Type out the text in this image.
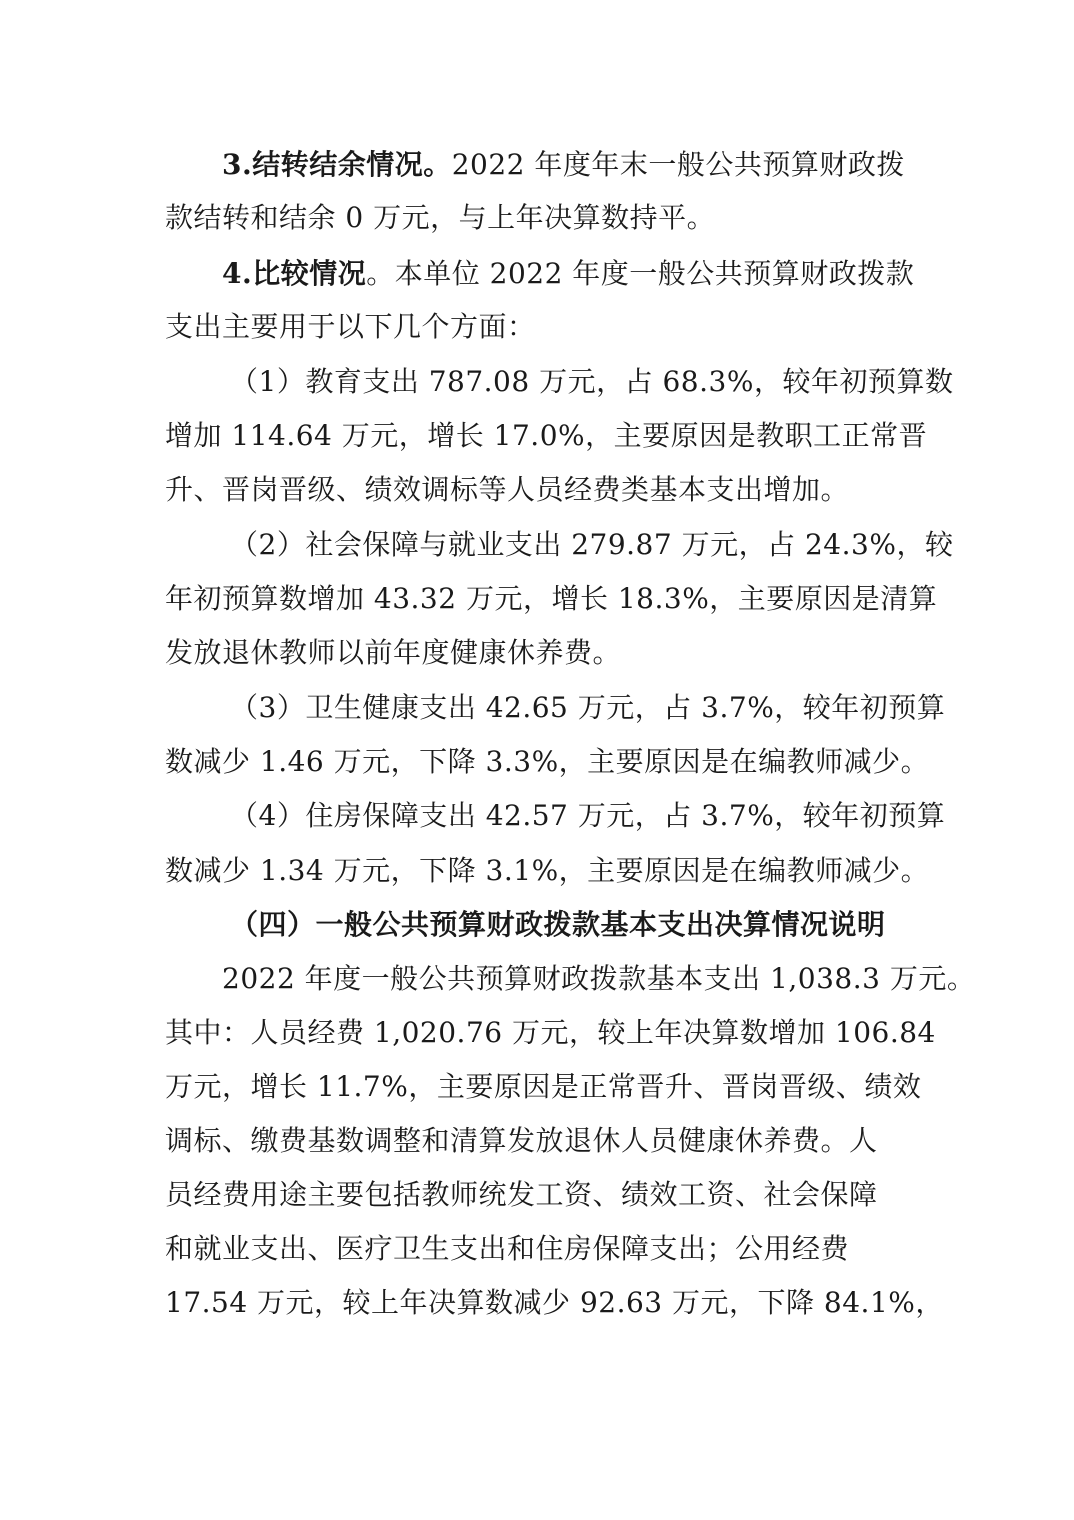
3.结转结余情况。2022 年度年末一般公共预算财政拨
款结转和结余 0 万元，与上年决算数持平。
4.比较情况。本单位 2022 年度一般公共预算财政拨款
支出主要用于以下几个方面：
（1）教育支出 787.08 万元，占 68.3%，较年初预算数
增加 114.64 万元，增长 17.0%，主要原因是教职工正常晋
升、晋岗晋级、绩效调标等人员经费类基本支出增加。
（2）社会保障与就业支出 279.87 万元，占 24.3%，较
年初预算数增加 43.32 万元，增长 18.3%，主要原因是清算
发放退休教师以前年度健康休养费。
（3）卫生健康支出 42.65 万元，占 3.7%，较年初预算
数减少 1.46 万元，下降 3.3%，主要原因是在编教师减少。
（4）住房保障支出 42.57 万元，占 3.7%，较年初预算
数减少 1.34 万元，下降 3.1%，主要原因是在编教师减少。
（四）一般公共预算财政拨款基本支出决算情况说明
2022 年度一般公共预算财政拨款基本支出 1,038.3 万元。
其中：人员经费 1,020.76 万元，较上年决算数增加 106.84
万元，增长 11.7%，主要原因是正常晋升、晋岗晋级、绩效
调标、缴费基数调整和清算发放退休人员健康休养费。人
员经费用途主要包括教师统发工资、绩效工资、社会保障
和就业支出、医疗卫生支出和住房保障支出；公用经费
17.54 万元，较上年决算数减少 92.63 万元，下降 84.1%，
